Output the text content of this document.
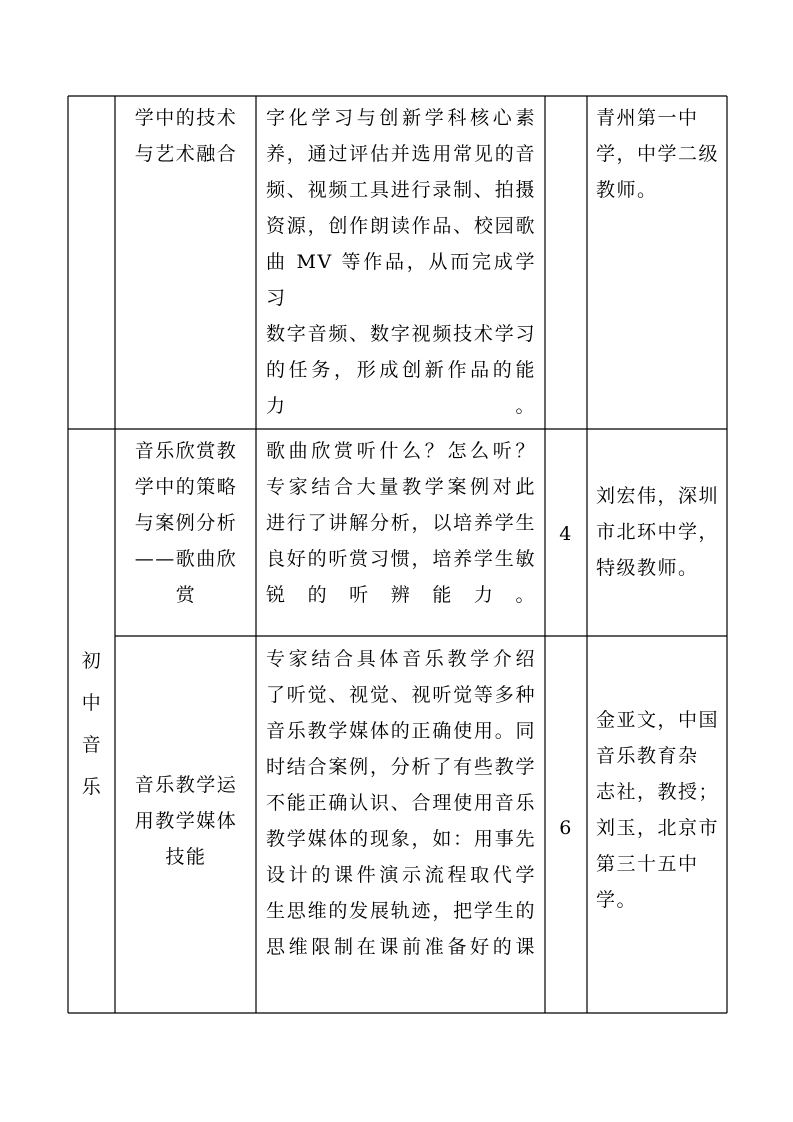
学中的技术
与艺术融合
字化学习与创新学科核心素
养，通过评估并选用常见的音
频、视频工具进行录制、拍摄
资源，创作朗读作品、校园歌
曲 MV 等作品，从而完成学习
数字音频、数字视频技术学习
的任务，形成创新作品的能
力。
青州第一中
学，中学二级
教师。
初
中
音
乐
音乐欣赏教
学中的策略
与案例分析
——歌曲欣
赏
歌曲欣赏听什么？怎么听？
专家结合大量教学案例对此
进行了讲解分析，以培养学生
良好的听赏习惯，培养学生敏
锐的听辨能力。
4
刘宏伟，深圳
市北环中学，
特级教师。
音乐教学运
用教学媒体
技能
专家结合具体音乐教学介绍
了听觉、视觉、视听觉等多种
音乐教学媒体的正确使用。同
时结合案例，分析了有些教学
不能正确认识、合理使用音乐
教学媒体的现象，如：用事先
设计的课件演示流程取代学
生思维的发展轨迹，把学生的
思维限制在课前准备好的课
6
金亚文，中国
音乐教育杂
志社，教授；
刘玉，北京市
第三十五中
学。
